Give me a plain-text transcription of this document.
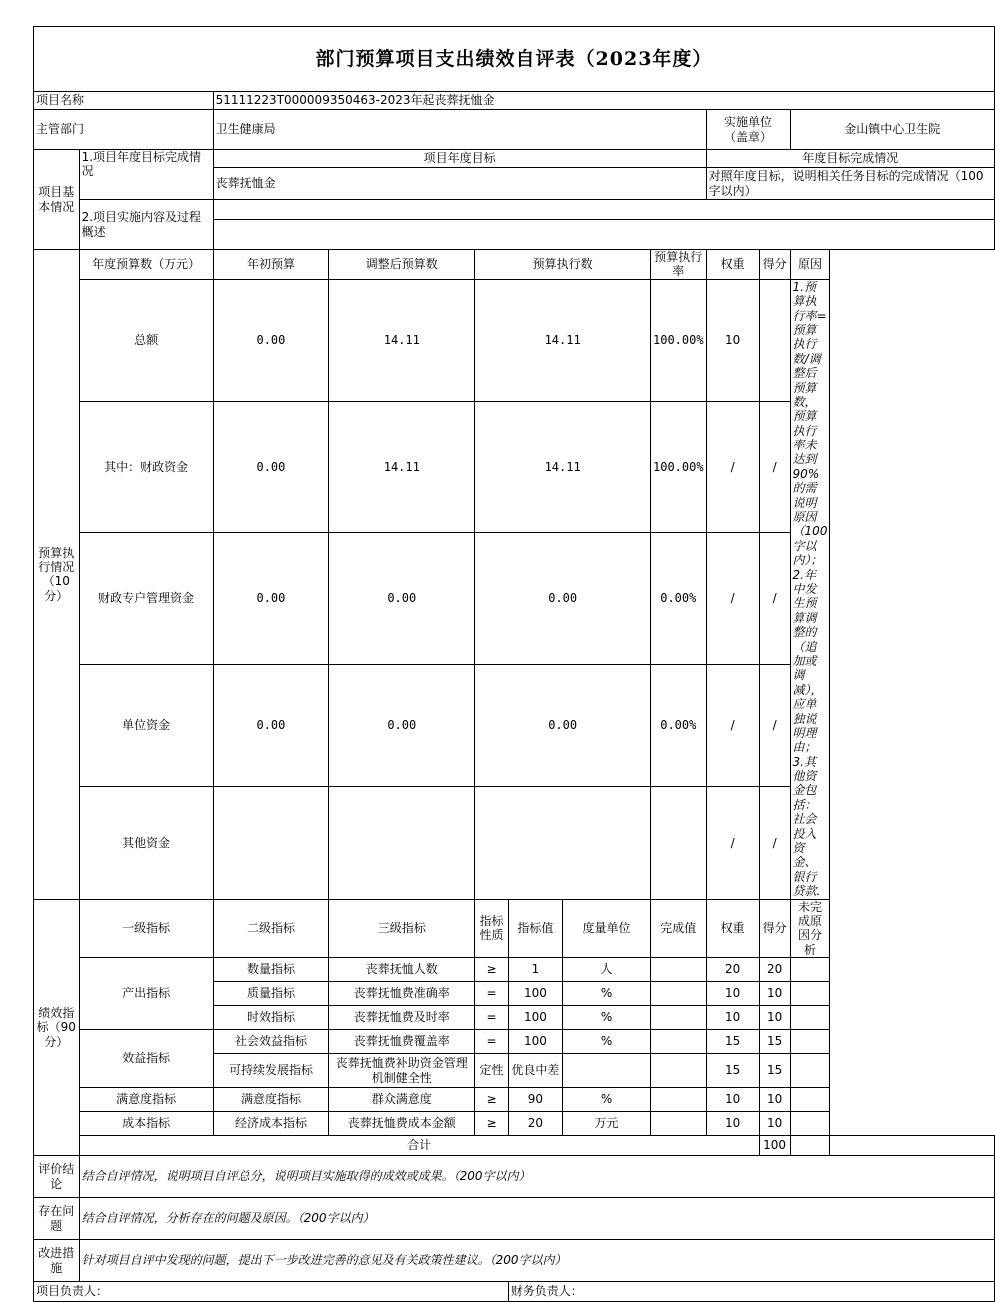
部门预算项目支出绩效自评表（2023年度）											
项目名称		51111223T000009350463-2023年起丧葬抚恤金									
主管部门		卫生健康局						实施单位
（盖章）		金山镇中心卫生院	
项目基本情况	1.项目年度目标完成情况	项目年度目标						年度目标完成情况			
		丧葬抚恤金						对照年度目标，说明相关任务目标的完成情况（100字以内）			
	2.项目实施内容及过程概述										

预算执行情况（10分）	年度预算数（万元）	年初预算	调整后预算数	预算执行数			预算执行率	权重	得分	原因	
	总额	0.00	14.11	14.11			100.00%	10		1.预算执行率=预算执行数/调整后预算数，预算执行率未达到90%的需说明原因（100字以内）；2.年中发生预算调整的（追加或调减），应单独说明理由；3.其他资金包括：社会投入资金、银行贷款.	
	其中：财政资金	0.00	14.11	14.11			100.00%	/	/		
	财政专户管理资金	0.00	0.00	0.00			0.00%	/	/		
	单位资金	0.00	0.00	0.00			0.00%	/	/		
	其他资金							/	/		
绩效指标（90分）	一级指标	二级指标	三级指标	指标性质	指标值	度量单位	完成值	权重	得分	未完成原因分析	
	产出指标	数量指标	丧葬抚恤人数	≥	1	人		20	20		
		质量指标	丧葬抚恤费准确率	=	100	%		10	10		
		时效指标	丧葬抚恤费及时率	=	100	%		10	10		
	效益指标	社会效益指标	丧葬抚恤费覆盖率	=	100	%		15	15		
		可持续发展指标	丧葬抚恤费补助资金管理机制健全性	定性	优良中差			15	15		
	满意度指标	满意度指标	群众满意度	≥	90	%		10	10		
	成本指标	经济成本指标	丧葬抚恤费成本金额	≥	20	万元		10	10		
	合计								100		
评价结论	结合自评情况，说明项目自评总分，说明项目实施取得的成效或成果。（200字以内）										
存在问题	结合自评情况，分析存在的问题及原因。（200字以内）										
改进措施	针对项目自评中发现的问题，提出下一步改进完善的意见及有关政策性建议。（200字以内）										
项目负责人：					财务负责人：						
